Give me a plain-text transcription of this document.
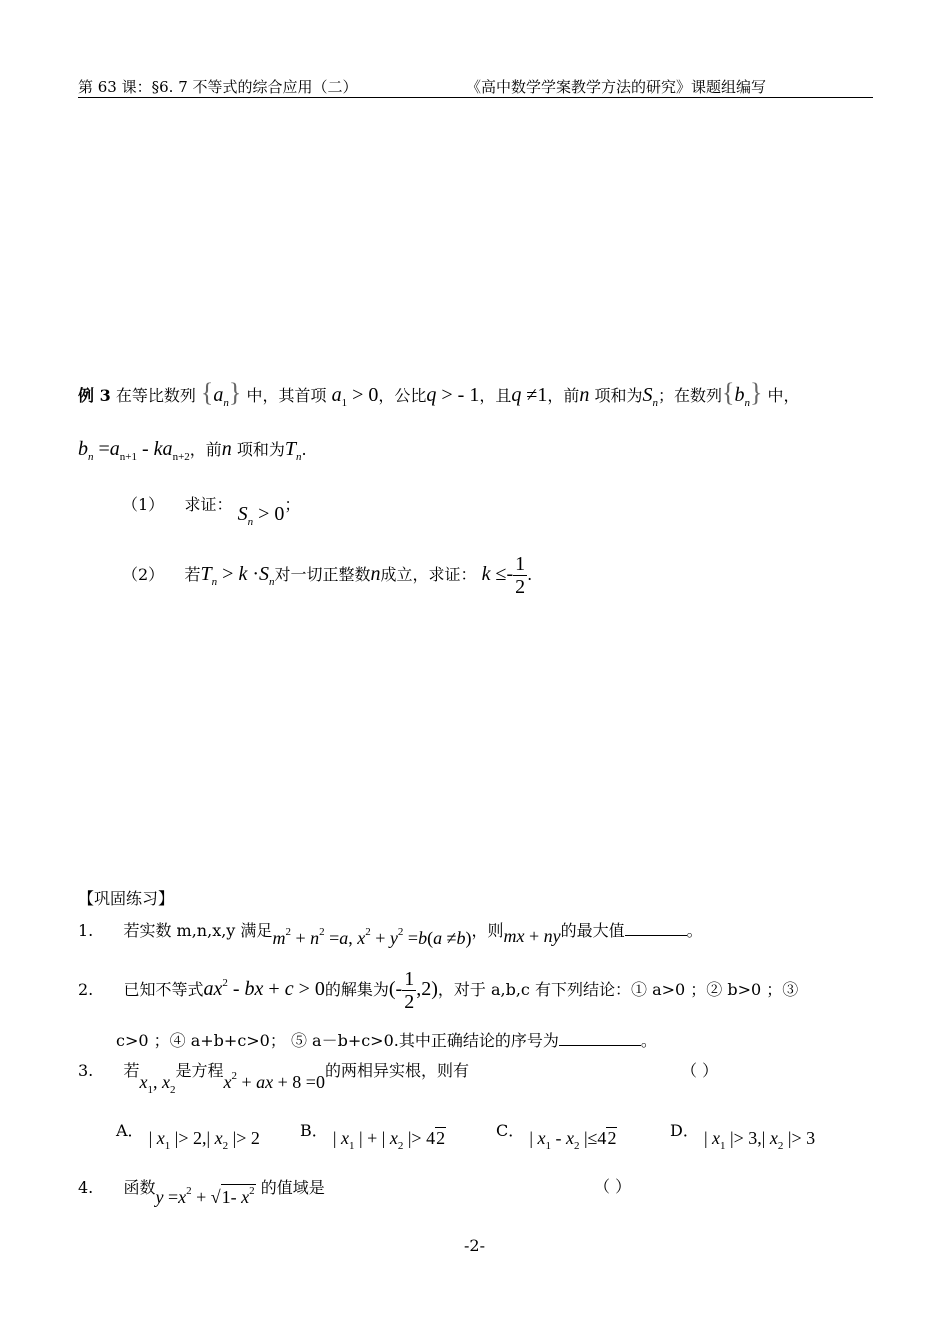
第 63 课：§6. 7 不等式的综合应用（二）	《高中数学学案教学方法的研究》课题组编写
例 3 在等比数列 $\{a_n\}$ 中，其首项 $a_1 > 0$，公比q > - 1，且q ≠1，前n 项和为$S_n$；在数列$\{b_n\}$ 中，
$b_n =a_{n+1} - ka_{n+2}$，前n 项和为$T_n$.
（1） 求证： $S_n > 0$；
（2） 若$T_n > k \cdot S_n$对一切正整数n成立，求证： $k \le- \frac{1}{2}$ .
【巩固练习】
1. 若实数 m,n,x,y 满足$m^2 + n^2 =a$, $x^2 + y^2 =b(a \ne b)$，则mx + ny的最大值	。
2. 已知不等式$ax^2$ - bx + c > 0的解集为(- $\frac{1}{2} ,2$)，对于 a,b,c 有下列结论：① a>0 ；② b>0 ；③
c>0 ；④ a+b+c>0； ⑤ a－b+c>0.其中正确结论的序号为	。
3. 若$x_1$, $x_2$是方程$x^2$ + ax + 8 =0的两相异实根，则有	（ ）
A． | $x_1$ |> 2,| $x_2$ |> 2	B． | $x_1$ | + | $x_2$ |> 42	C． | $x_1 - x_2$ |≤42	D． | $x_1$ |> 3,| $x_2$ |> 3
4. 函数$y =x^2 + √1-$ $x^2$ 的值域是	（ ）
-2-
